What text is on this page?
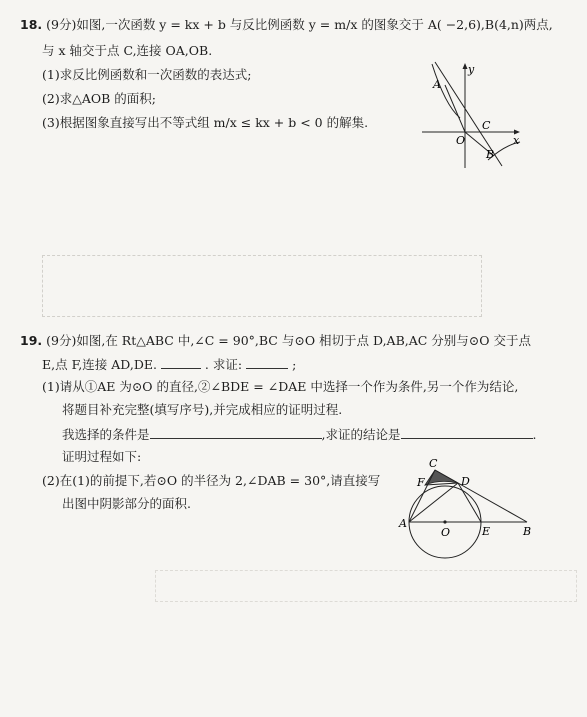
18. (9分)如图,一次函数 y = kx + b 与反比例函数 y = m/x 的图象交于 A( −2,6),B(4,n)两点,
与 x 轴交于点 C,连接 OA,OB.
(1)求反比例函数和一次函数的表达式;
(2)求△AOB 的面积;
(3)根据图象直接写出不等式组 m/x ≤ kx + b < 0 的解集.
A
y
O
C
x
B
19. (9分)如图,在 Rt△ABC 中,∠C = 90°,BC 与⊙O 相切于点 D,AB,AC 分别与⊙O 交于点
E,点 F,连接 AD,DE.	. 求证:	;
(1)请从①AE 为⊙O 的直径,②∠BDE = ∠DAE 中选择一个作为条件,另一个作为结论,
将题目补充完整(填写序号),并完成相应的证明过程.
我选择的条件是	,求证的结论是	.
证明过程如下:
(2)在(1)的前提下,若⊙O 的半径为 2,∠DAB = 30°,请直接写
出图中阴影部分的面积.
C
F	D
A
O	E	B
